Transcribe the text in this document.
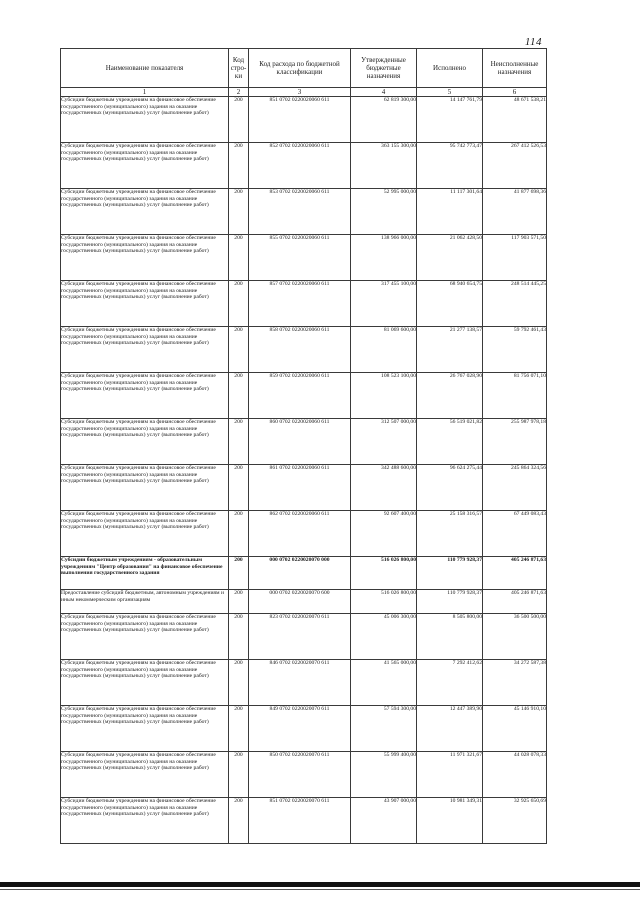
114
Наименование показателя	Код стро-ки	Код расхода по бюджетной классификации	Утвержденные бюджетные назначения	Исполнено	Неисполненные назначения
1	2	3	4	5	6
Субсидии бюджетным учреждениям на финансовое обеспечение государственного (муниципального) задания на оказание государственных (муниципальных) услуг (выполнение работ)	200	851 0702 0220020060 611	62 819 300,00	14 147 761,79	48 671 538,21
Субсидии бюджетным учреждениям на финансовое обеспечение государственного (муниципального) задания на оказание государственных (муниципальных) услуг (выполнение работ)	200	852 0702 0220020060 611	363 155 300,00	95 742 773,47	267 412 526,53
Субсидии бюджетным учреждениям на финансовое обеспечение государственного (муниципального) задания на оказание государственных (муниципальных) услуг (выполнение работ)	200	853 0702 0220020060 611	52 995 000,00	11 117 301,64	41 877 698,36
Субсидии бюджетным учреждениям на финансовое обеспечение государственного (муниципального) задания на оказание государственных (муниципальных) услуг (выполнение работ)	200	855 0702 0220020060 611	138 966 000,00	21 062 428,50	117 903 571,50
Субсидии бюджетным учреждениям на финансовое обеспечение государственного (муниципального) задания на оказание государственных (муниципальных) услуг (выполнение работ)	200	857 0702 0220020060 611	317 455 100,00	68 940 654,75	248 514 445,25
Субсидии бюджетным учреждениям на финансовое обеспечение государственного (муниципального) задания на оказание государственных (муниципальных) услуг (выполнение работ)	200	858 0702 0220020060 611	81 069 600,00	21 277 138,57	59 792 461,43
Субсидии бюджетным учреждениям на финансовое обеспечение государственного (муниципального) задания на оказание государственных (муниципальных) услуг (выполнение работ)	200	859 0702 0220020060 611	108 523 100,00	26 767 028,90	81 756 071,10
Субсидии бюджетным учреждениям на финансовое обеспечение государственного (муниципального) задания на оказание государственных (муниципальных) услуг (выполнение работ)	200	860 0702 0220020060 611	312 507 000,00	56 519 021,82	255 987 978,18
Субсидии бюджетным учреждениям на финансовое обеспечение государственного (муниципального) задания на оказание государственных (муниципальных) услуг (выполнение работ)	200	861 0702 0220020060 611	342 488 600,00	96 624 275,44	245 864 324,56
Субсидии бюджетным учреждениям на финансовое обеспечение государственного (муниципального) задания на оказание государственных (муниципальных) услуг (выполнение работ)	200	862 0702 0220020060 611	92 607 400,00	25 158 316,57	67 449 083,43
Субсидии бюджетным учреждениям - образовательным учреждениям "Центр образования" на финансовое обеспечение выполнения государственного задания	200	000 0702 0220020070 000	516 026 800,00	110 779 928,37	405 246 871,63
Предоставление субсидий бюджетным, автономным учреждениям и иным некоммерческим организациям	200	000 0702 0220020070 600	516 026 800,00	110 779 928,37	405 246 871,63
Субсидии бюджетным учреждениям на финансовое обеспечение государственного (муниципального) задания на оказание государственных (муниципальных) услуг (выполнение работ)	200	823 0702 0220020070 611	45 006 300,00	8 505 800,00	36 500 500,00
Субсидии бюджетным учреждениям на финансовое обеспечение государственного (муниципального) задания на оказание государственных (муниципальных) услуг (выполнение работ)	200	846 0702 0220020070 611	41 565 000,00	7 292 412,62	34 272 587,38
Субсидии бюджетным учреждениям на финансовое обеспечение государственного (муниципального) задания на оказание государственных (муниципальных) услуг (выполнение работ)	200	849 0702 0220020070 611	57 594 300,00	12 447 389,90	45 146 910,10
Субсидии бюджетным учреждениям на финансовое обеспечение государственного (муниципального) задания на оказание государственных (муниципальных) услуг (выполнение работ)	200	850 0702 0220020070 611	55 999 400,00	11 971 321,67	44 028 078,33
Субсидии бюджетным учреждениям на финансовое обеспечение государственного (муниципального) задания на оказание государственных (муниципальных) услуг (выполнение работ)	200	851 0702 0220020070 611	43 907 000,00	10 981 349,31	32 925 650,69
